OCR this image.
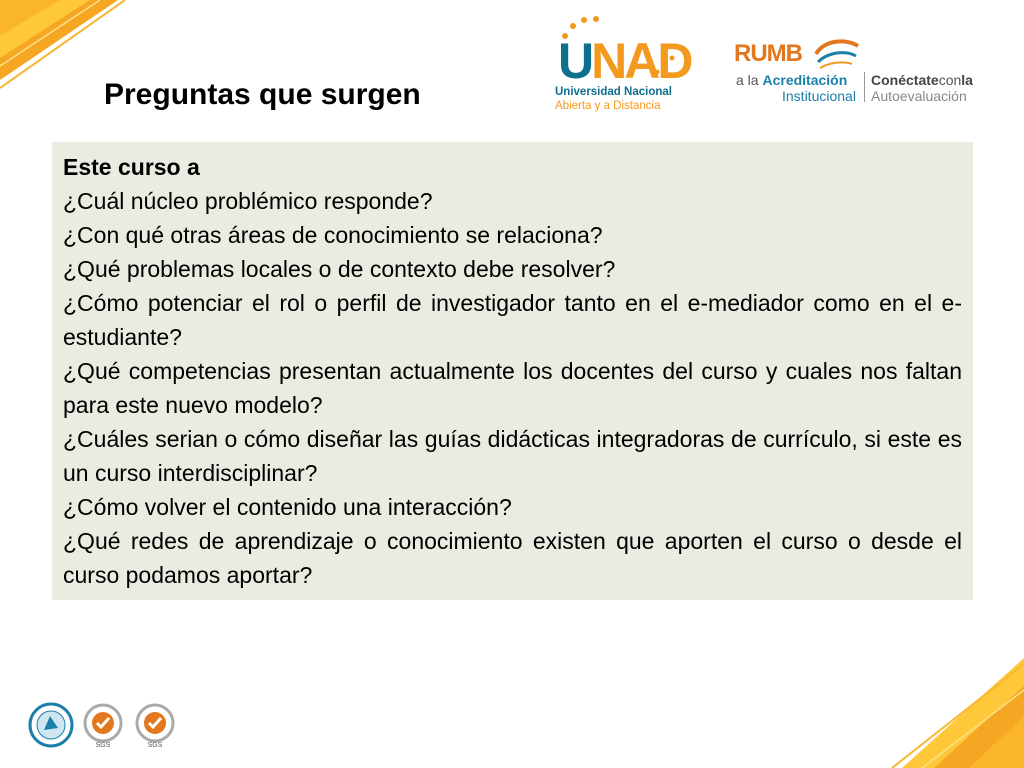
Preguntas que surgen
UNAD
Universidad Nacional
Abierta y a Distancia
RUMB
a la Acreditación
Institucional
Conéctateconla
Autoevaluación

Este curso a

¿Cuál núcleo problémico responde?

¿Con qué otras áreas de conocimiento se relaciona?

¿Qué problemas locales o de contexto debe resolver?

¿Cómo potenciar el rol o perfil de investigador tanto en el e-mediador como en el e-estudiante?

¿Qué competencias presentan actualmente los docentes del curso y cuales nos faltan para este nuevo modelo?

¿Cuáles serian o cómo diseñar las guías didácticas integradoras de currículo, si este es un curso interdisciplinar?

¿Cómo volver el contenido una interacción?

¿Qué redes de aprendizaje o conocimiento existen que aporten el curso o desde el curso podamos aportar?

SGS	SGS
